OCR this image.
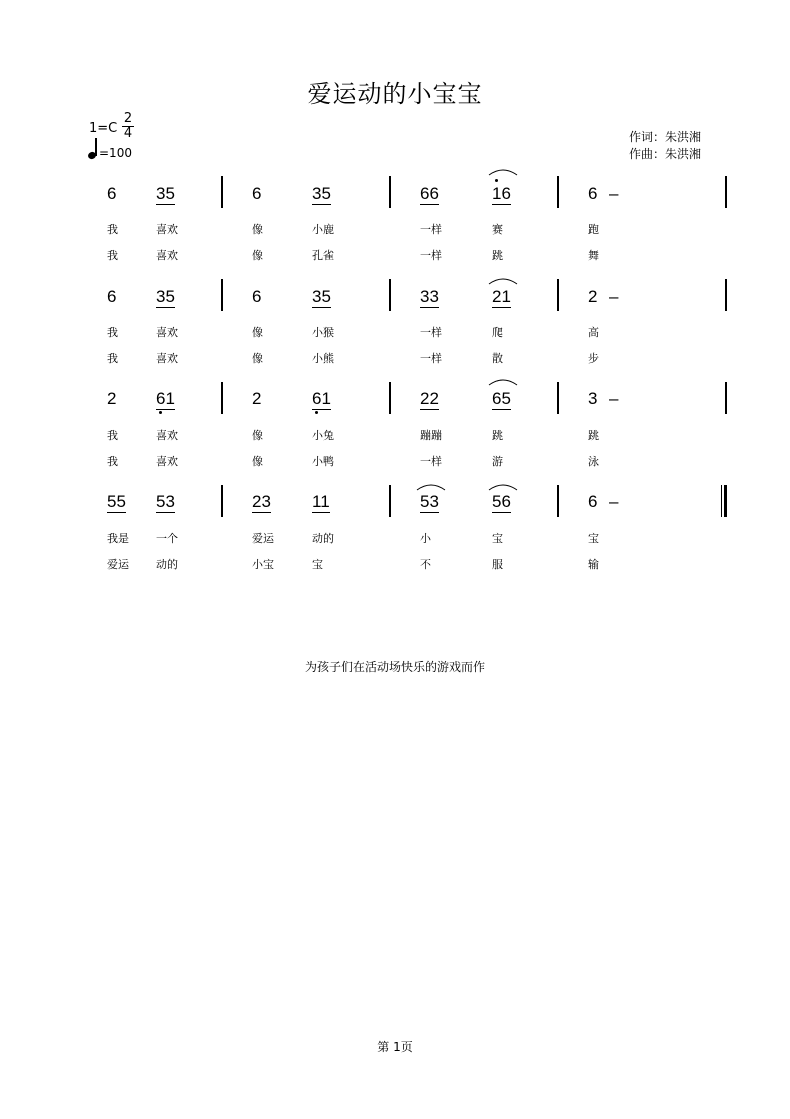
爱运动的小宝宝
1=C
2
4
=100
作词：朱洪湘
作曲：朱洪湘
6 35	6	35	66	16	6 –
我	喜欢	像	小鹿	一样	赛	跑
我	喜欢	像	孔雀	一样	跳	舞
6 35	6	35	33	21	2 –
我	喜欢	像	小猴	一样	爬	高
我	喜欢	像	小熊	一样	散	步
2 61	2	61	22	65	3 –
我	喜欢	像	小兔	蹦蹦	跳	跳
我	喜欢	像	小鸭	一样	游	泳
55 53	23 11	53	56	6 –
我是 一个	爱运	动的	小	宝	宝
爱运 动的	小宝	宝	不	服	输
为孩子们在活动场快乐的游戏而作
第 1页
